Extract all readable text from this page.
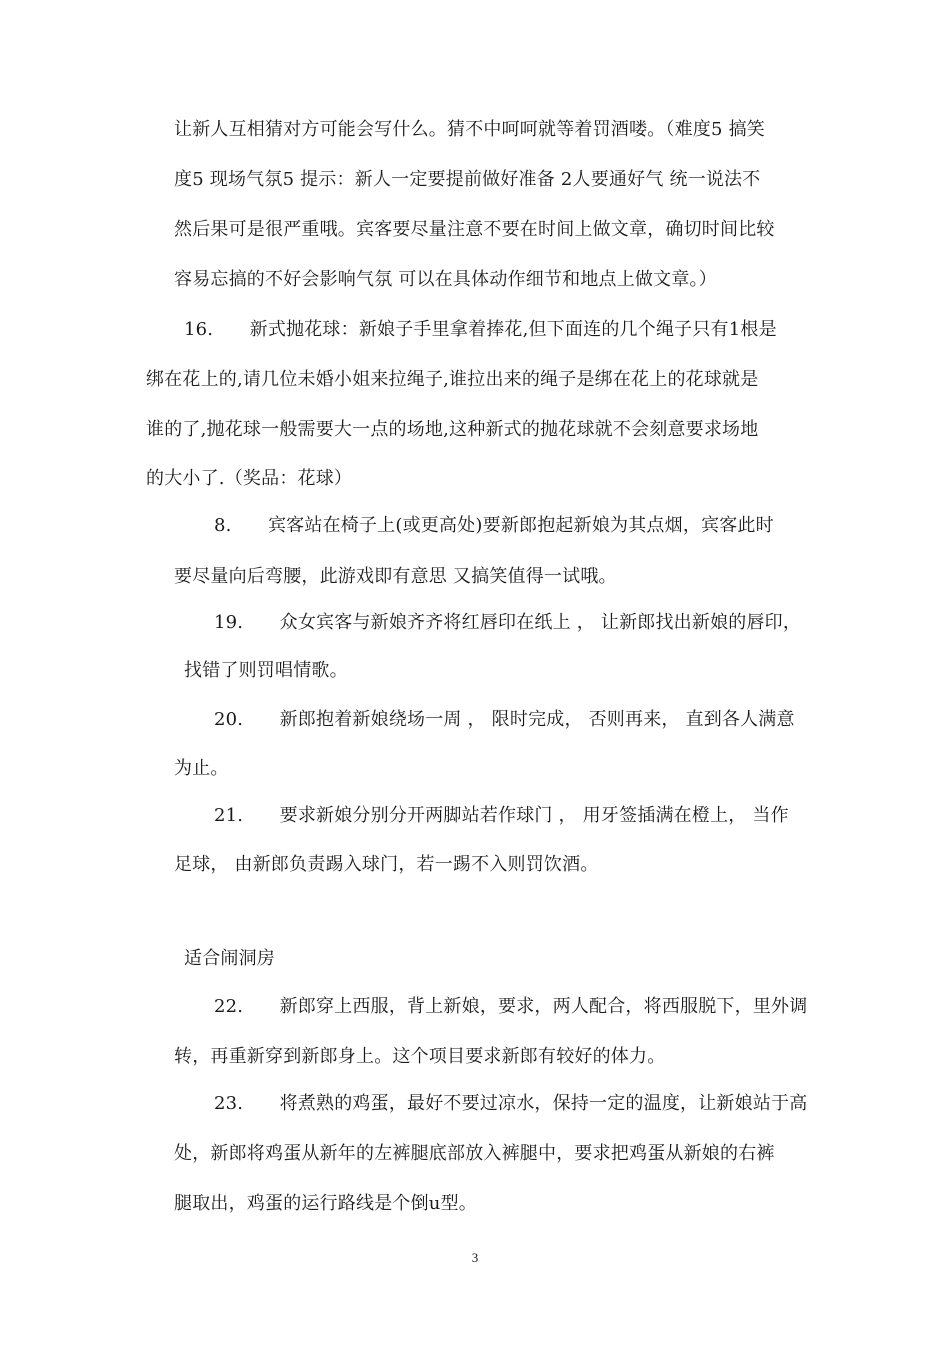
让新人互相猜对方可能会写什么。猜不中呵呵就等着罚酒喽。（难度5 搞笑
度5 现场气氛5 提示：新人一定要提前做好准备 2人要通好气 统一说法不
然后果可是很严重哦。宾客要尽量注意不要在时间上做文章，确切时间比较
容易忘搞的不好会影响气氛 可以在具体动作细节和地点上做文章。）
16.　　新式抛花球：新娘子手里拿着捧花,但下面连的几个绳子只有1根是
绑在花上的,请几位未婚小姐来拉绳子,谁拉出来的绳子是绑在花上的花球就是
谁的了,抛花球一般需要大一点的场地,这种新式的抛花球就不会刻意要求场地
的大小了.（奖品：花球）
8.　　宾客站在椅子上(或更高处)要新郎抱起新娘为其点烟，宾客此时
要尽量向后弯腰，此游戏即有意思 又搞笑值得一试哦。
19.　　众女宾客与新娘齐齐将红唇印在纸上 ， 让新郎找出新娘的唇印，
找错了则罚唱情歌。
20.　　新郎抱着新娘绕场一周 ， 限时完成， 否则再来， 直到各人满意
为止。
21.　　要求新娘分别分开两脚站若作球门 ， 用牙签插满在橙上， 当作
足球， 由新郎负责踢入球门，若一踢不入则罚饮酒。
适合闹洞房
22.　　新郎穿上西服，背上新娘，要求，两人配合，将西服脱下，里外调
转，再重新穿到新郎身上。这个项目要求新郎有较好的体力。
23.　　将煮熟的鸡蛋，最好不要过凉水，保持一定的温度，让新娘站于高
处，新郎将鸡蛋从新年的左裤腿底部放入裤腿中，要求把鸡蛋从新娘的右裤
腿取出，鸡蛋的运行路线是个倒u型。
3
